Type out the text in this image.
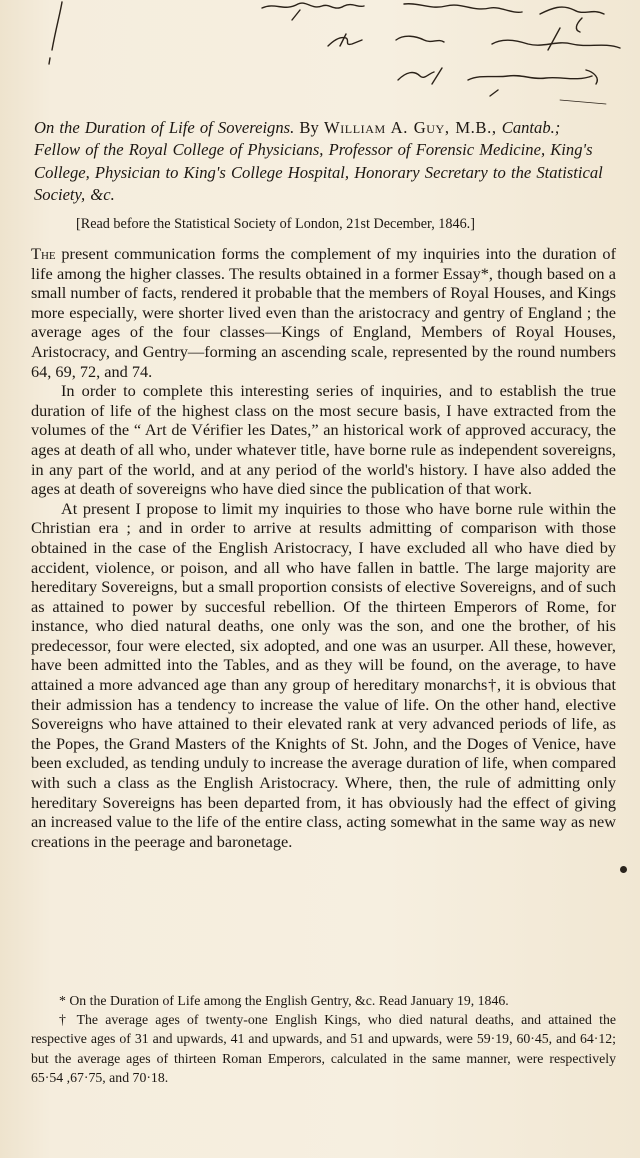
On the Duration of Life of Sovereigns. By William A. Guy, M.B., Cantab.; Fellow of the Royal College of Physicians, Professor of Forensic Medicine, King's College, Physician to King's College Hospital, Honorary Secretary to the Statistical Society, &c.
[Read before the Statistical Society of London, 21st December, 1846.]

The present communication forms the complement of my inquiries into the duration of life among the higher classes. The results obtained in a former Essay*, though based on a small number of facts, rendered it probable that the members of Royal Houses, and Kings more especially, were shorter lived even than the aristocracy and gentry of England ; the average ages of the four classes—Kings of England, Members of Royal Houses, Aristocracy, and Gentry—forming an ascending scale, represented by the round numbers 64, 69, 72, and 74.

In order to complete this interesting series of inquiries, and to establish the true duration of life of the highest class on the most secure basis, I have extracted from the volumes of the “ Art de Vérifier les Dates,” an historical work of approved accuracy, the ages at death of all who, under whatever title, have borne rule as independent sovereigns, in any part of the world, and at any period of the world's history. I have also added the ages at death of sovereigns who have died since the publication of that work.

At present I propose to limit my inquiries to those who have borne rule within the Christian era ; and in order to arrive at results admitting of comparison with those obtained in the case of the English Aristocracy, I have excluded all who have died by accident, violence, or poison, and all who have fallen in battle. The large majority are hereditary Sovereigns, but a small proportion consists of elective Sovereigns, and of such as attained to power by succesful rebellion. Of the thirteen Emperors of Rome, for instance, who died natural deaths, one only was the son, and one the brother, of his predecessor, four were elected, six adopted, and one was an usurper. All these, however, have been admitted into the Tables, and as they will be found, on the average, to have attained a more advanced age than any group of hereditary monarchs†, it is obvious that their admission has a tendency to increase the value of life. On the other hand, elective Sovereigns who have attained to their elevated rank at very advanced periods of life, as the Popes, the Grand Masters of the Knights of St. John, and the Doges of Venice, have been excluded, as tending unduly to increase the average duration of life, when compared with such a class as the English Aristocracy. Where, then, the rule of admitting only hereditary Sovereigns has been departed from, it has obviously had the effect of giving an increased value to the life of the entire class, acting somewhat in the same way as new creations in the peerage and baronetage.

* On the Duration of Life among the English Gentry, &c. Read January 19, 1846.

† The average ages of twenty-one English Kings, who died natural deaths, and attained the respective ages of 31 and upwards, 41 and upwards, and 51 and upwards, were 59·19, 60·45, and 64·12; but the average ages of thirteen Roman Emperors, calculated in the same manner, were respectively 65·54 ,67·75, and 70·18.
